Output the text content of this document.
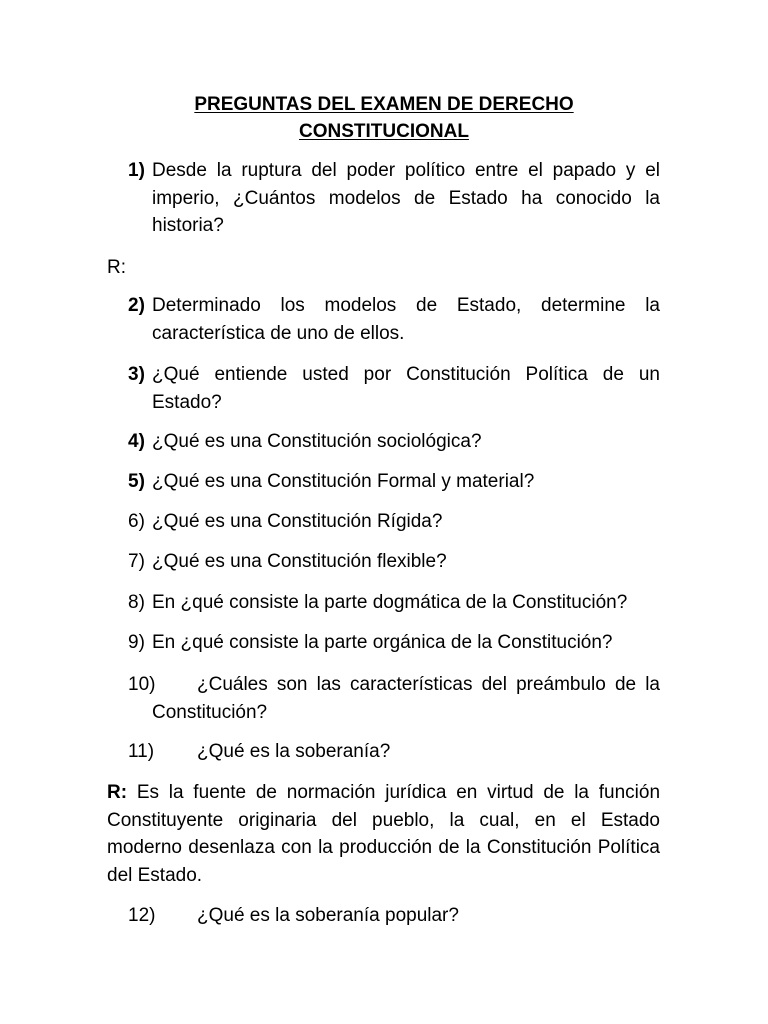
PREGUNTAS DEL EXAMEN DE DERECHO
CONSTITUCIONAL
1) Desde la ruptura del poder político entre el papado y el imperio, ¿Cuántos modelos de Estado ha conocido la historia?
R:
2) Determinado los modelos de Estado, determine la característica de uno de ellos.
3) ¿Qué entiende usted por Constitución Política de un Estado?
4) ¿Qué es una Constitución sociológica?
5) ¿Qué es una Constitución Formal y material?
6) ¿Qué es una Constitución Rígida?
7) ¿Qué es una Constitución flexible?
8) En ¿qué consiste la parte dogmática de la Constitución?
9) En ¿qué consiste la parte orgánica de la Constitución?
10)	¿Cuáles son las características del preámbulo de la Constitución?
11)	¿Qué es la soberanía?
R: Es la fuente de normación jurídica en virtud de la función Constituyente originaria del pueblo, la cual, en el Estado moderno desenlaza con la producción de la Constitución Política del Estado.
12)	¿Qué es la soberanía popular?
